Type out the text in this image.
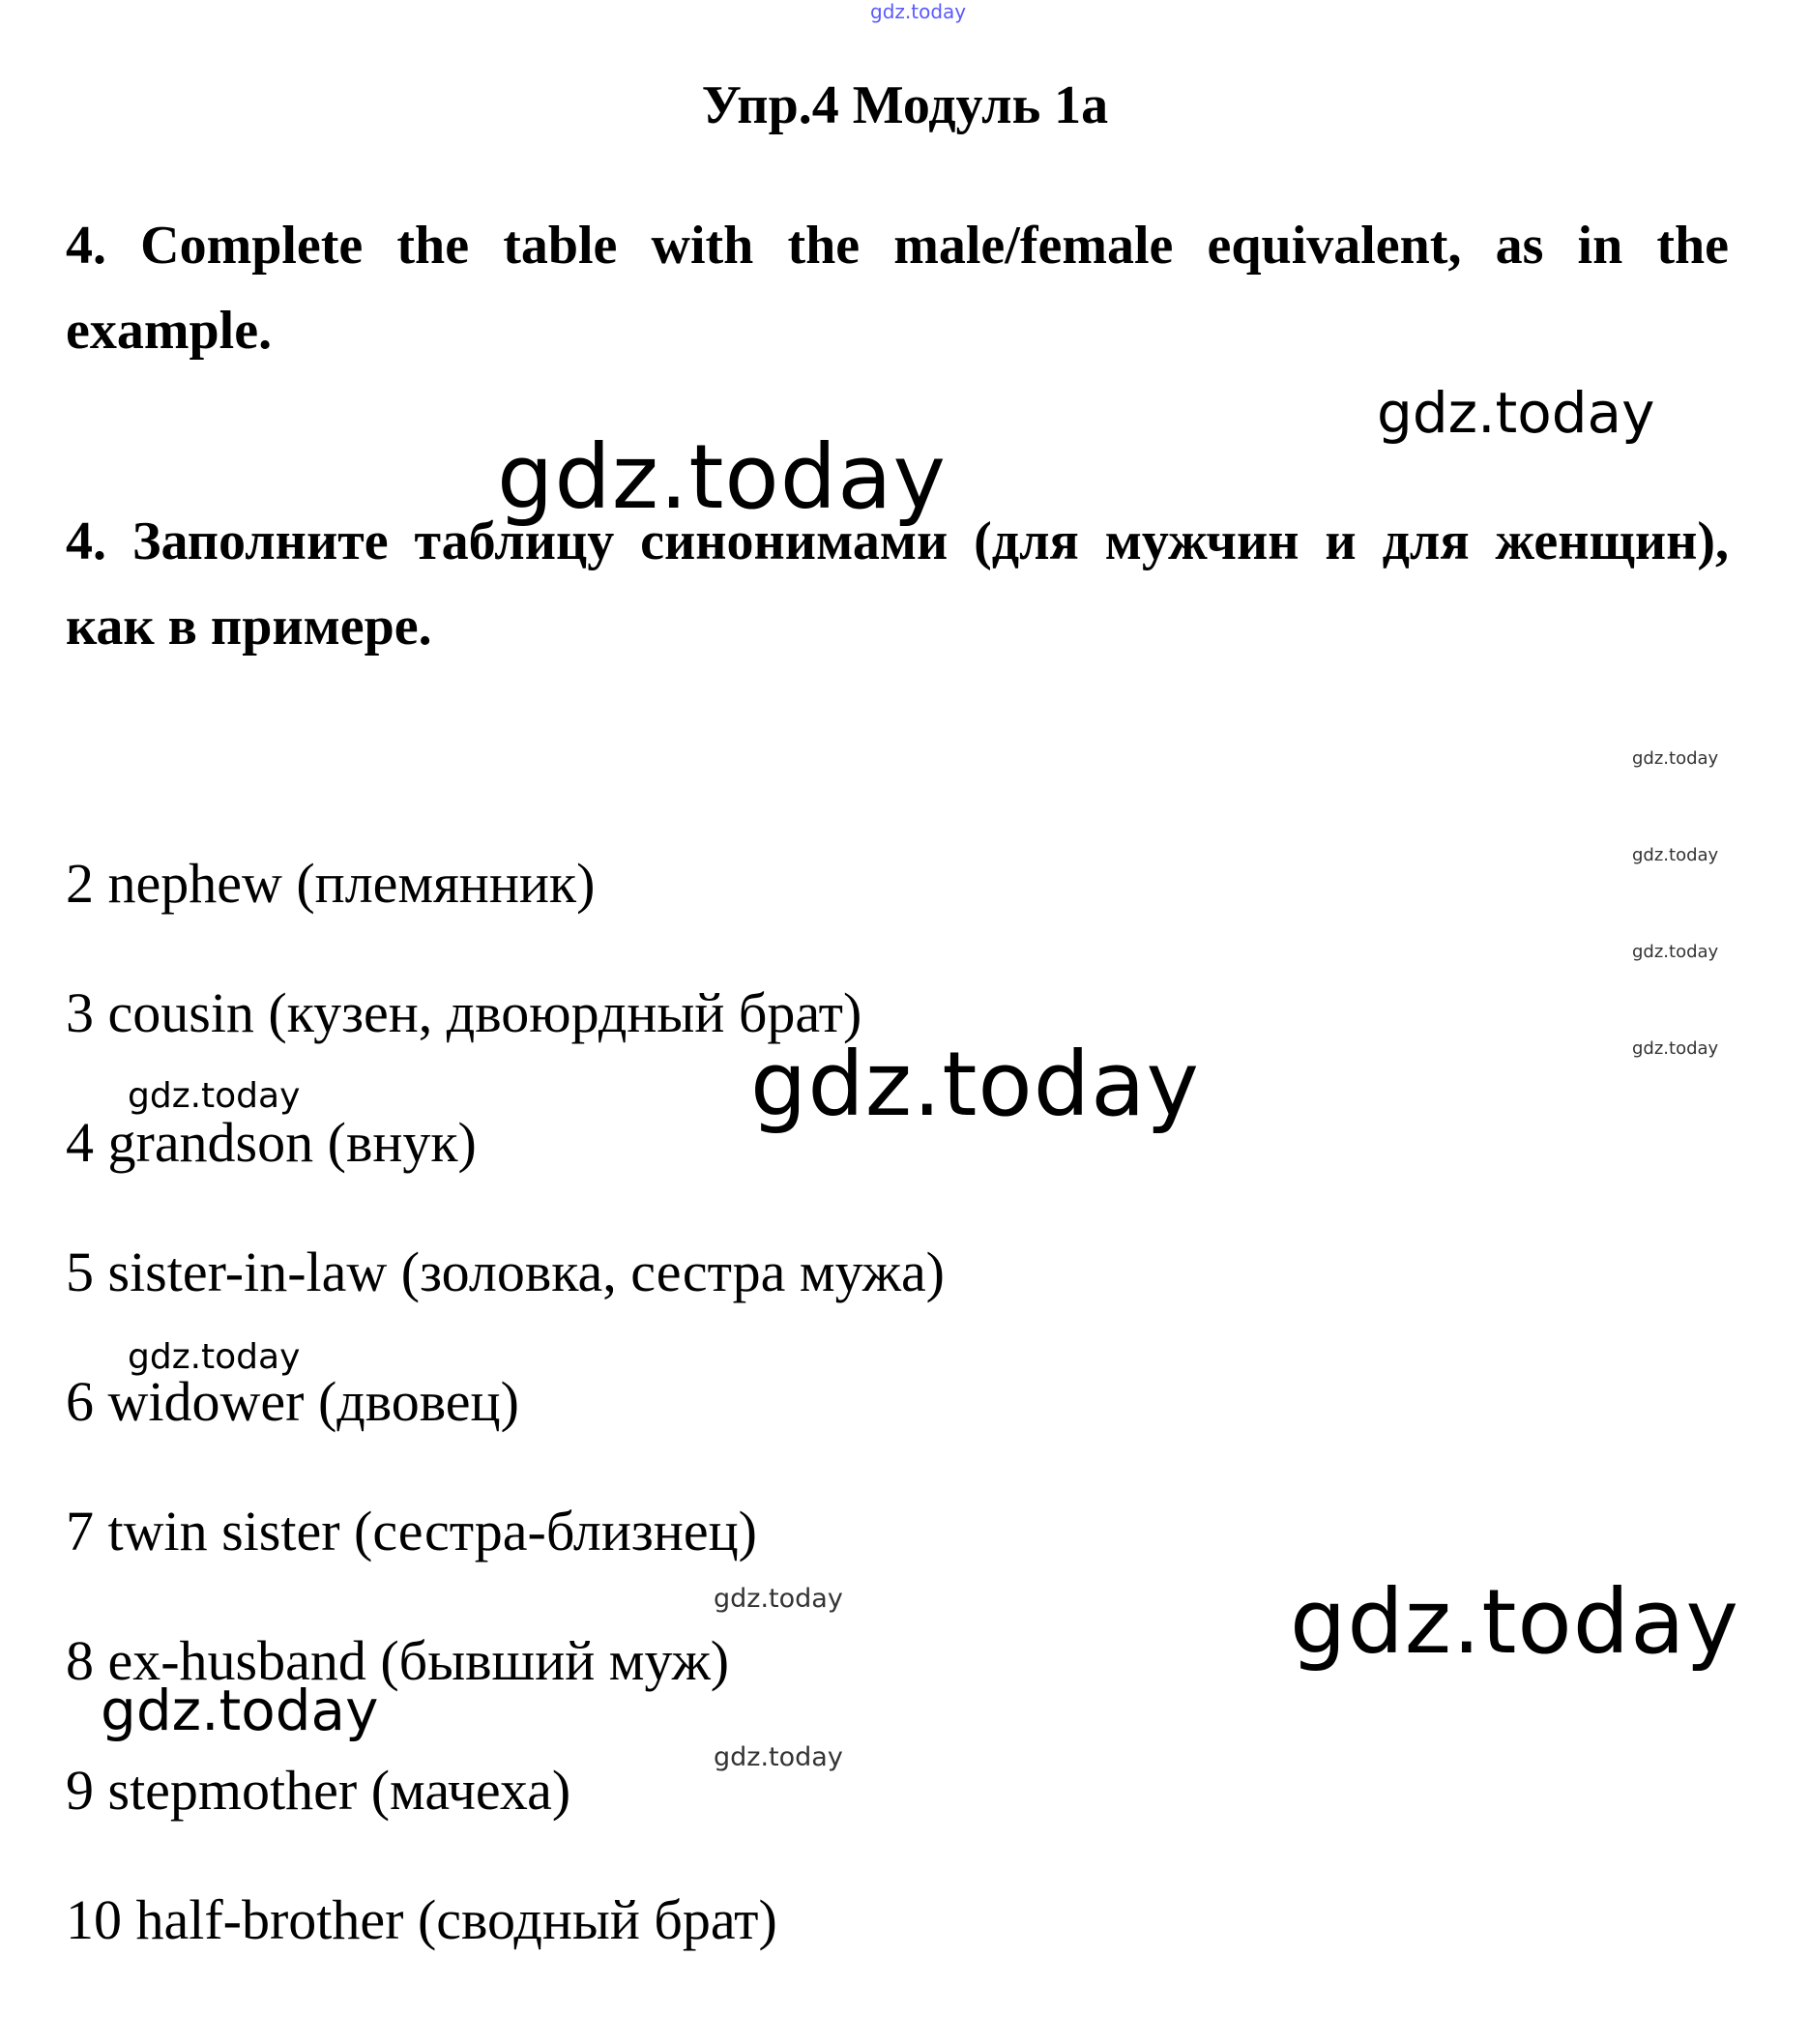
gdz.today
Упр.4 Модуль 1а

4. Complete the table with the male/female equivalent, as in the example.

gdz.today
gdz.today

4. Заполните таблицу синонимами (для мужчин и для женщин), как в примере.

gdz.today
gdz.today
gdz.today
gdz.today
2 nephew (племянник)
3 cousin (кузен, двоюрдный брат)
4 grandson (внук)
5 sister-in-law (золовка, сестра мужа)
6 widower (двовец)
7 twin sister (сестра-близнец)
8 ex-husband (бывший муж)
9 stepmother (мачеха)
10 half-brother (сводный брат)
gdz.today	gdz.today
gdz.today
gdz.today	gdz.today
gdz.today
gdz.today
